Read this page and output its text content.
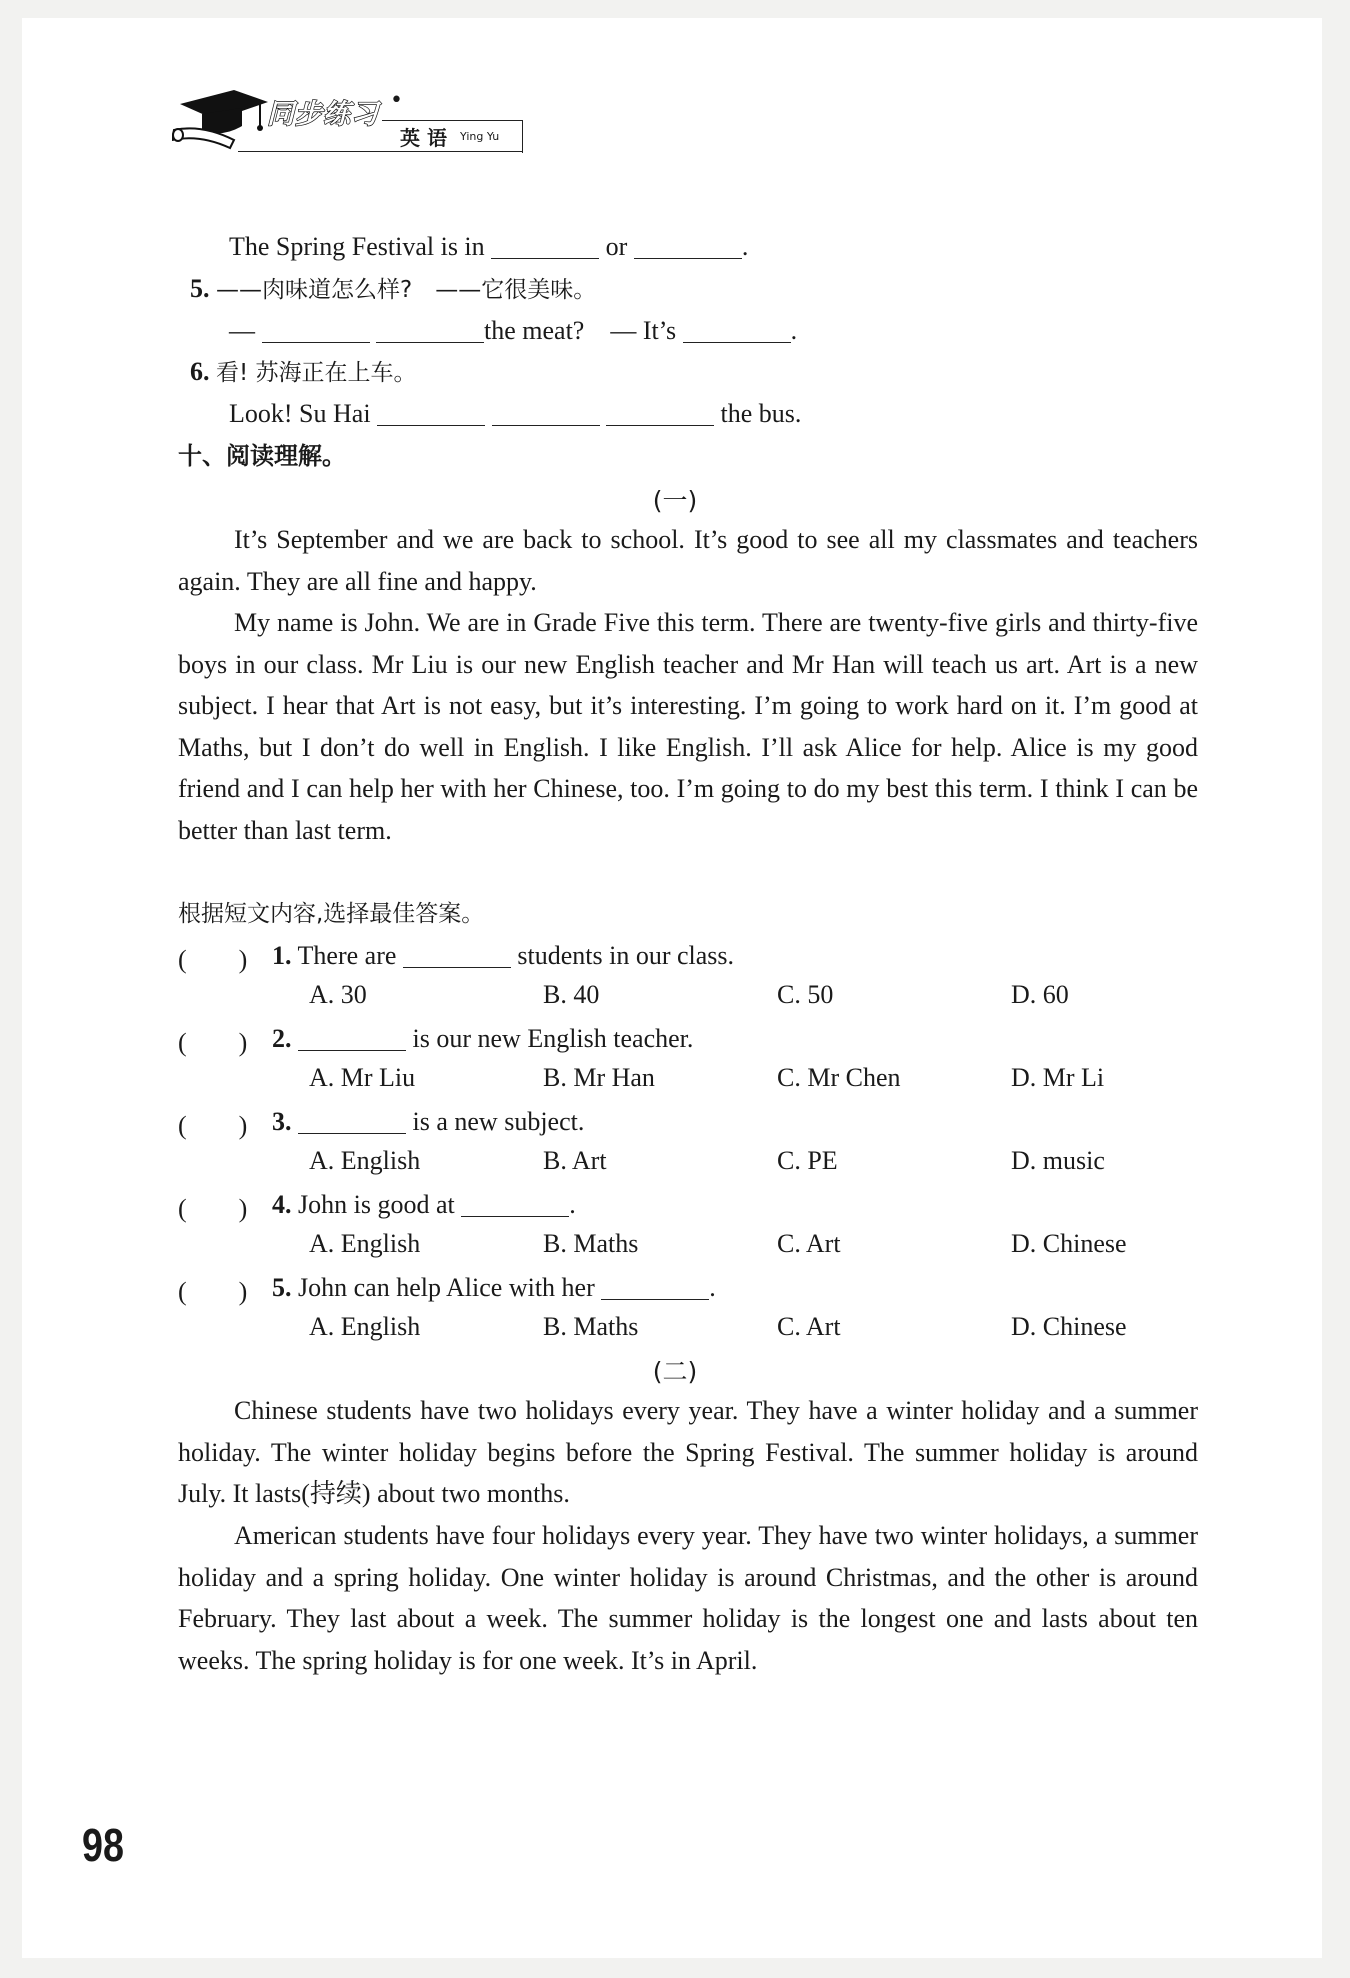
同步练习 •
英 语 Ying Yu
The Spring Festival is in	or	.
5. ——肉味道怎么样?　——它很美味。
—	the meat? — It’s	.
6. 看! 苏海正在上车。
Look! Su Hai	the bus.
十、阅读理解。
(一)
It’s September and we are back to school. It’s good to see all my classmates and teachers again. They are all fine and happy.
My name is John. We are in Grade Five this term. There are twenty-five girls and thirty-five boys in our class. Mr Liu is our new English teacher and Mr Han will teach us art. Art is a new subject. I hear that Art is not easy, but it’s interesting. I’m going to work hard on it. I’m good at Maths, but I don’t do well in English. I like English. I’ll ask Alice for help. Alice is my good friend and I can help her with her Chinese, too. I’m going to do my best this term. I think I can be better than last term.
根据短文内容,选择最佳答案。
(　　) 1. There are	students in our class.
A. 30	B. 40	C. 50	D. 60
(　　) 2.	is our new English teacher.
A. Mr Liu	B. Mr Han	C. Mr Chen	D. Mr Li
(　　) 3.	is a new subject.
A. English	B. Art	C. PE	D. music
(　　) 4. John is good at	.
A. English	B. Maths	C. Art	D. Chinese
(　　) 5. John can help Alice with her	.
A. English	B. Maths	C. Art	D. Chinese
(二)
Chinese students have two holidays every year. They have a winter holiday and a summer holiday. The winter holiday begins before the Spring Festival. The summer holiday is around July. It lasts(持续) about two months.
American students have four holidays every year. They have two winter holidays, a summer holiday and a spring holiday. One winter holiday is around Christmas, and the other is around February. They last about a week. The summer holiday is the longest one and lasts about ten weeks. The spring holiday is for one week. It’s in April.
98
